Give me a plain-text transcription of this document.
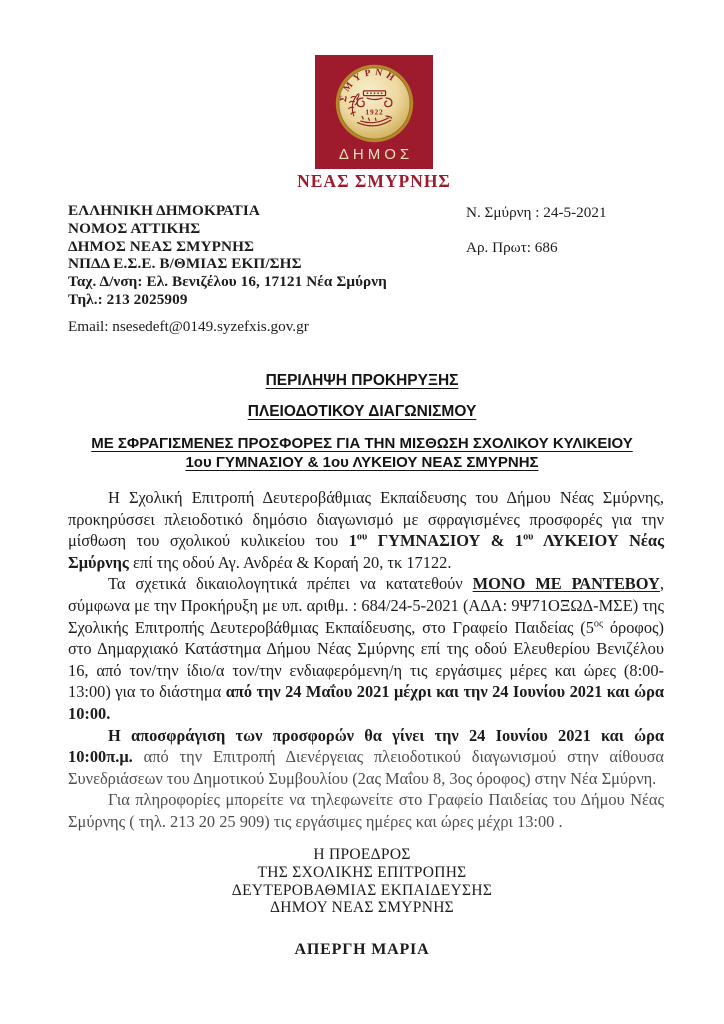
ΣΜΥΡΝΗ
1922
ΔΗΜΟΣ
ΝΕΑΣ ΣΜΥΡΝΗΣ
ΕΛΛΗΝΙΚΗ ΔΗΜΟΚΡΑΤΙΑ
ΝΟΜΟΣ ΑΤΤΙΚΗΣ
ΔΗΜΟΣ ΝΕΑΣ ΣΜΥΡΝΗΣ
ΝΠΔΔ Ε.Σ.Ε. Β/ΘΜΙΑΣ ΕΚΠ/ΣΗΣ
Ταχ. Δ/νση: Ελ. Βενιζέλου 16, 17121 Νέα Σμύρνη
Τηλ.: 213 2025909
Ν. Σμύρνη : 24-5-2021
Αρ. Πρωτ: 686
Email: nsesedeft@0149.syzefxis.gov.gr
ΠΕΡΙΛΗΨΗ ΠΡΟΚΗΡΥΞΗΣ
ΠΛΕΙΟΔΟΤΙΚΟΥ ΔΙΑΓΩΝΙΣΜΟΥ
ΜΕ ΣΦΡΑΓΙΣΜΕΝΕΣ ΠΡΟΣΦΟΡΕΣ ΓΙΑ ΤΗΝ ΜΙΣΘΩΣΗ ΣΧΟΛΙΚΟΥ ΚΥΛΙΚΕΙΟΥ
1ου ΓΥΜΝΑΣΙΟΥ & 1ου ΛΥΚΕΙΟΥ ΝΕΑΣ ΣΜΥΡΝΗΣ

Η Σχολική Επιτροπή Δευτεροβάθμιας Εκπαίδευσης του Δήμου Νέας Σμύρνης, προκηρύσσει πλειοδοτικό δημόσιο διαγωνισμό με σφραγισμένες προσφορές για την μίσθωση του σχολικού κυλικείου του $1^{o\upsilon}$ ΓΥΜΝΑΣΙΟΥ & $1^{o\upsilon}$ ΛΥΚΕΙΟΥ Νέας Σμύρνης επί της οδού Αγ. Ανδρέα & Κοραή 20, τκ 17122.

Τα σχετικά δικαιολογητικά πρέπει να κατατεθούν ΜΟΝΟ ΜΕ ΡΑΝΤΕΒΟΥ, σύμφωνα με την Προκήρυξη με υπ. αριθμ. : 684/24-5-2021 (ΑΔΑ: 9Ψ71ΟΞΩΔ-ΜΣΕ) της Σχολικής Επιτροπής Δευτεροβάθμιας Εκπαίδευσης, στο Γραφείο Παιδείας ($5^{o\varsigma}$ όροφος) στο Δημαρχιακό Κατάστημα Δήμου Νέας Σμύρνης επί της οδού Ελευθερίου Βενιζέλου 16, από τον/την ίδιο/α τον/την ενδιαφερόμενη/η τις εργάσιμες μέρες και ώρες (8:00-13:00) για το διάστημα από την 24 Μαΐου 2021 μέχρι και την 24 Ιουνίου 2021 και ώρα 10:00.

Η αποσφράγιση των προσφορών θα γίνει την 24 Ιουνίου 2021 και ώρα 10:00π.μ. από την Επιτροπή Διενέργειας πλειοδοτικού διαγωνισμού στην αίθουσα Συνεδριάσεων του Δημοτικού Συμβουλίου (2ας Μαΐου 8, 3ος όροφος) στην Νέα Σμύρνη.

Για πληροφορίες μπορείτε να τηλεφωνείτε στο Γραφείο Παιδείας του Δήμου Νέας Σμύρνης ( τηλ. 213 20 25 909) τις εργάσιμες ημέρες και ώρες μέχρι 13:00 .

Η ΠΡΟΕΔΡΟΣ
ΤΗΣ ΣΧΟΛΙΚΗΣ ΕΠΙΤΡΟΠΗΣ
ΔΕΥΤΕΡΟΒΑΘΜΙΑΣ ΕΚΠΑΙΔΕΥΣΗΣ
ΔΗΜΟΥ ΝΕΑΣ ΣΜΥΡΝΗΣ
ΑΠΕΡΓΗ ΜΑΡΙΑ
